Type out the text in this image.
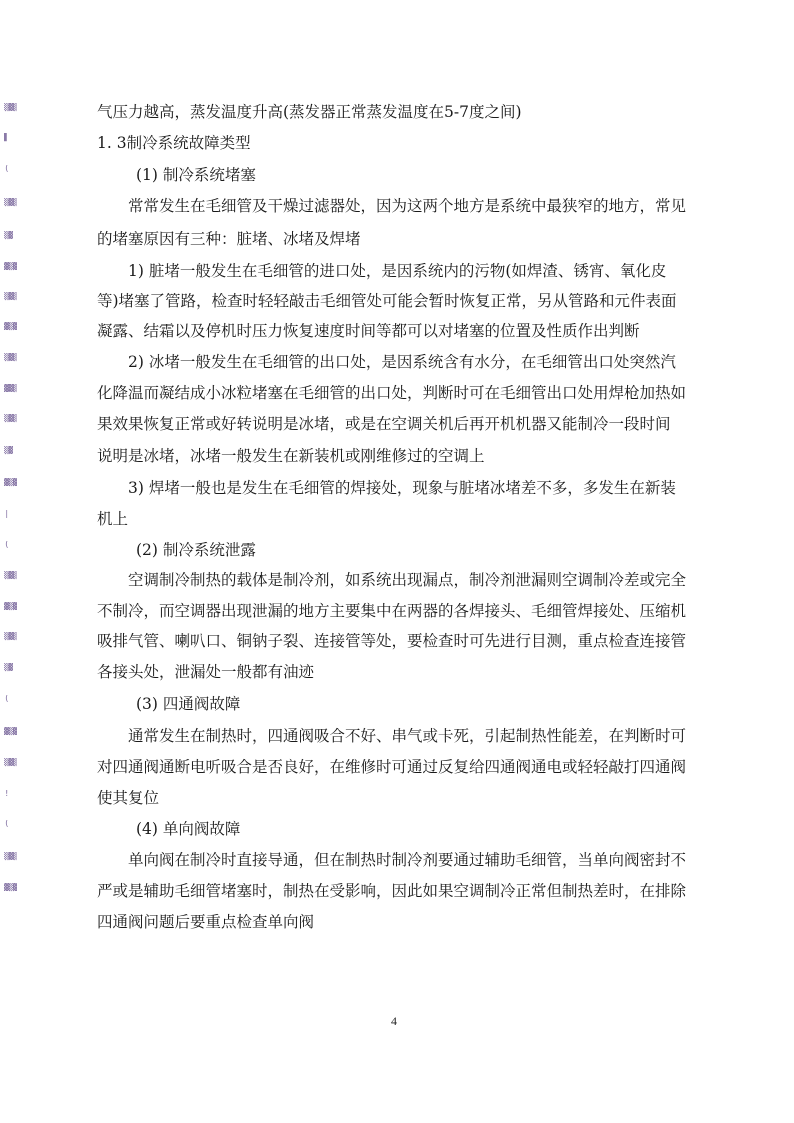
▒▓▒
▌
(
▒▓▒
▒▓
▓▒▓
▒▓▒
▓▒▓
▒▓▒
▓▓▒
▒▓▒
▒▓
▓▒▓
|
(
▒▓▒
▓▒▓
▒▓▒
▒▓
(
▓▒▓
▒▓▒
!
(
▒▓▒
▓▒▓
气压力越高，蒸发温度升高(蒸发器正常蒸发温度在5-7度之间)
1. 3制冷系统故障类型
(1) 制冷系统堵塞
常常发生在毛细管及干燥过滤器处，因为这两个地方是系统中最狭窄的地方，常见
的堵塞原因有三种：脏堵、冰堵及焊堵
1) 脏堵一般发生在毛细管的进口处，是因系统内的污物(如焊渣、锈宵、氧化皮
等)堵塞了管路，检查时轻轻敲击毛细管处可能会暂时恢复正常，另从管路和元件表面
凝露、结霜以及停机时压力恢复速度时间等都可以对堵塞的位置及性质作出判断
2) 冰堵一般发生在毛细管的出口处，是因系统含有水分，在毛细管出口处突然汽
化降温而凝结成小冰粒堵塞在毛细管的出口处，判断时可在毛细管出口处用焊枪加热如
果效果恢复正常或好转说明是冰堵，或是在空调关机后再开机机器又能制冷一段时间
说明是冰堵，冰堵一般发生在新装机或刚维修过的空调上
3) 焊堵一般也是发生在毛细管的焊接处，现象与脏堵冰堵差不多，多发生在新装
机上
(2) 制冷系统泄露
空调制冷制热的载体是制冷剂，如系统出现漏点，制冷剂泄漏则空调制冷差或完全
不制冷，而空调器出现泄漏的地方主要集中在两器的各焊接头、毛细管焊接处、压缩机
吸排气管、喇叭口、铜钠子裂、连接管等处，要检查时可先进行目测，重点检查连接管
各接头处，泄漏处一般都有油迹
(3) 四通阀故障
通常发生在制热时，四通阀吸合不好、串气或卡死，引起制热性能差，在判断时可
对四通阀通断电听吸合是否良好，在维修时可通过反复给四通阀通电或轻轻敲打四通阀
使其复位
(4) 单向阀故障
单向阀在制冷时直接导通，但在制热时制冷剂要通过辅助毛细管，当单向阀密封不
严或是辅助毛细管堵塞时，制热在受影响，因此如果空调制冷正常但制热差时，在排除
四通阀问题后要重点检查单向阀
4
